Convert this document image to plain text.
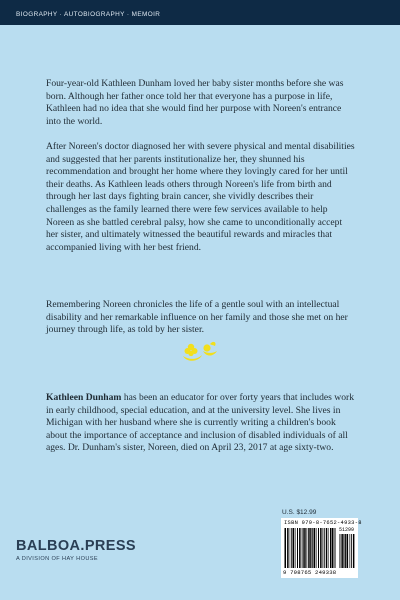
BIOGRAPHY · AUTOBIOGRAPHY · MEMOIR

Four-year-old Kathleen Dunham loved her baby sister months before she was born. Although her father once told her that everyone has a purpose in life, Kathleen had no idea that she would find her purpose with Noreen's entrance into the world.

After Noreen's doctor diagnosed her with severe physical and mental disabilities and suggested that her parents institutionalize her, they shunned his recommendation and brought her home where they lovingly cared for her until their deaths. As Kathleen leads others through Noreen's life from birth and through her last days fighting brain cancer, she vividly describes their challenges as the family learned there were few services available to help Noreen as she battled cerebral palsy, how she came to unconditionally accept her sister, and ultimately witnessed the beautiful rewards and miracles that accompanied living with her best friend.

Remembering Noreen chronicles the life of a gentle soul with an intellectual disability and her remarkable influence on her family and those she met on her journey through life, as told by her sister.

Kathleen Dunham has been an educator for over forty years that includes work in early childhood, special education, and at the university level. She lives in Michigan with her husband where she is currently writing a children's book about the importance of acceptance and inclusion of disabled individuals of all ages. Dr. Dunham's sister, Noreen, died on April 23, 2017 at age sixty-two.

U.S. $12.99
ISBN 979-8-7652-4933-8
51299
9 798765 249338
BALBOA.PRESS
A DIVISION OF HAY HOUSE
